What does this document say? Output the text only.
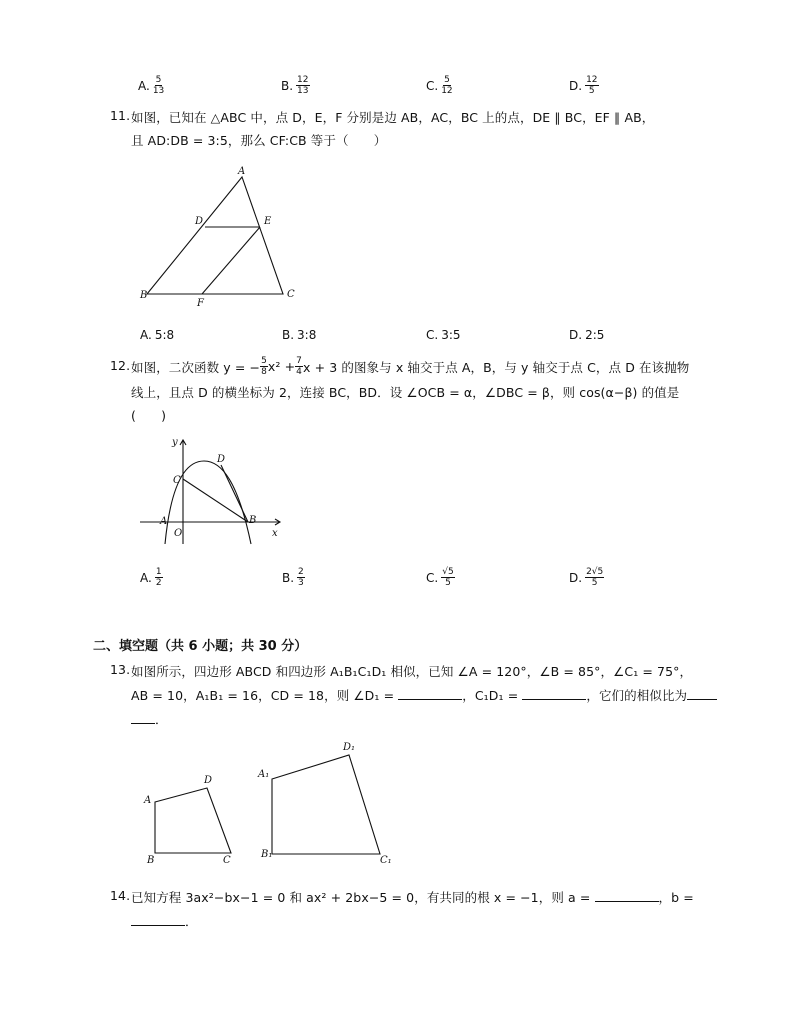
A. $\frac{5}{13}$	B. $\frac{12}{13}$	C. $\frac{5}{12}$	D. $\frac{12}{5}$
11. 如图，已知在 △ABC 中，点 D，E，F 分别是边 AB，AC，BC 上的点，DE ∥ BC，EF ∥ AB，
且 AD:DB = 3:5，那么 CF:CB 等于（　　）
A
D	E
B
F
C
A. 5:8	B. 3:8	C. 3:5	D. 2:5
12. 如图，二次函数 y = − $\frac{5}{8} x^2 + \frac{7}{4}$ x + 3 的图象与 x 轴交于点 A，B，与 y 轴交于点 C，点 D 在该抛物
线上，且点 D 的横坐标为 2，连接 BC，BD．设 ∠OCB = α，∠DBC = β，则 cos(α−β) 的值是
(　　)
y
C
D
A	B
O	x
A. $\frac{1}{2}$	B. $\frac{2}{3}$	C. $\frac{√5}{5}$	D. $\frac{2√5}{5}$
二、填空题（共 6 小题；共 30 分）
13. 如图所示，四边形 ABCD 和四边形 A₁B₁C₁D₁ 相似，已知 ∠A = 120°，∠B = 85°，∠C₁ = 75°，
AB = 10，A₁B₁ = 16，CD = 18，则 ∠D₁ =	，C₁D₁ =	，它们的相似比为
．
A
D
B	C
A₁
D₁
B₁
C₁
14. 已知方程 3ax²−bx−1 = 0 和 ax² + 2bx−5 = 0，有共同的根 x = −1，则 a =	，b =
．
